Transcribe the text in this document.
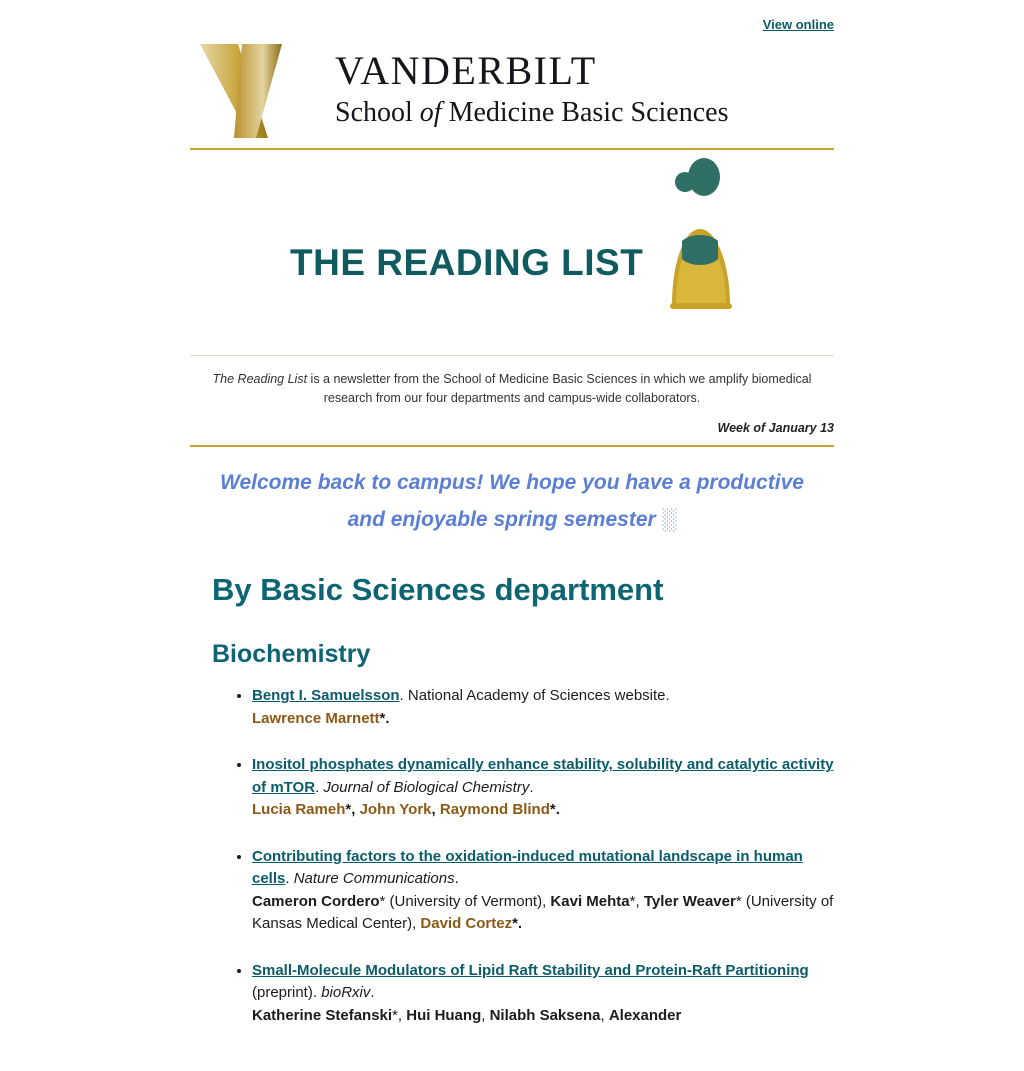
View online
VANDERBILT
School of Medicine Basic Sciences
THE READING LIST
The Reading List is a newsletter from the School of Medicine Basic Sciences in which we amplify biomedical research from our four departments and campus-wide collaborators.
Week of January 13
Welcome back to campus! We hope you have a productive and enjoyable spring semester ░
By Basic Sciences department
Biochemistry
• Bengt I. Samuelsson. National Academy of Sciences website.
Lawrence Marnett*.
• Inositol phosphates dynamically enhance stability, solubility and catalytic activity of mTOR. Journal of Biological Chemistry.
Lucia Rameh*, John York, Raymond Blind*.
• Contributing factors to the oxidation-induced mutational landscape in human cells. Nature Communications.
Cameron Cordero* (University of Vermont), Kavi Mehta*, Tyler Weaver* (University of Kansas Medical Center), David Cortez*.
• Small-Molecule Modulators of Lipid Raft Stability and Protein-Raft Partitioning (preprint). bioRxiv.
Katherine Stefanski*, Hui Huang, Nilabh Saksena, Alexander
